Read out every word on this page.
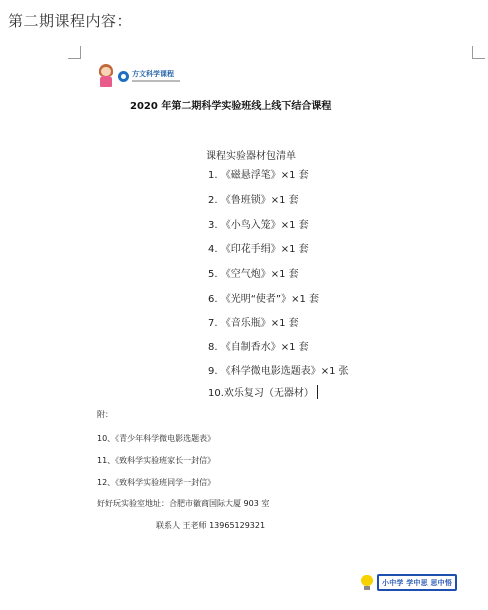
第二期课程内容：
方文科学课程
2020 年第二期科学实验班线上线下结合课程
课程实验器材包清单
1. 《磁悬浮笔》×1 套
2. 《鲁班锁》×1 套
3. 《小鸟入笼》×1 套
4. 《印花手绢》×1 套
5. 《空气炮》×1 套
6. 《光明“使者”》×1 套
7. 《音乐瓶》×1 套
8. 《自制香水》×1 套
9. 《科学微电影选题表》×1 张
10.欢乐复习（无器材）
附：
10、《青少年科学微电影选题表》
11、《致科学实验班家长一封信》
12、《致科学实验班同学一封信》
好好玩实验室地址：合肥市徽商国际大厦 903 室
联系人 王老师 13965129321
小中学 学中思 思中悟
